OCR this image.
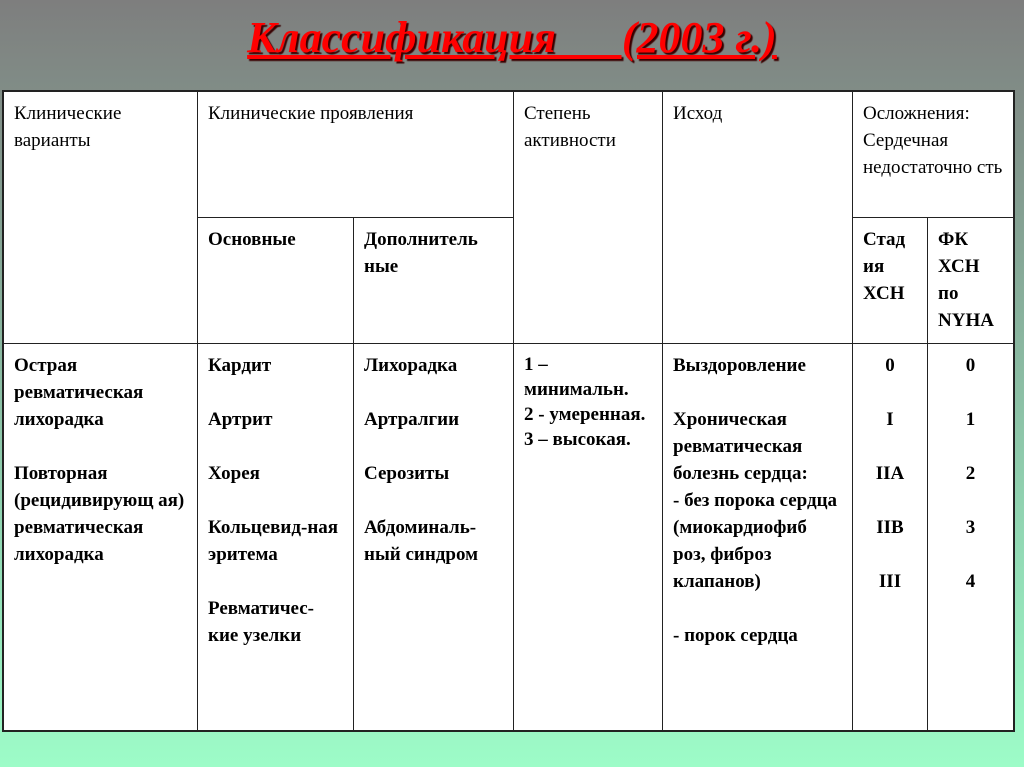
Классификация      (2003 г.)
Клинические варианты
Клинические проявления
Основные	Дополнитель ные
Степень активности
Исход	Осложнения: Сердечная недостаточно сть
Стад ия ХСН
ФК ХСН по NYHA
Острая ревматическая лихорадка

Повторная (рецидивирующ ая) ревматическая лихорадка
Кардит

Артрит

Хорея

Кольцевид-ная эритема

Ревматичес-кие узелки
Лихорадка

Артралгии

Серозиты

Абдоминаль-ный синдром
1 – минимальн.
2 - умеренная.
3 – высокая.
Выздоровление

Хроническая ревматическая болезнь сердца:
- без порока сердца (миокардиофиб роз, фиброз клапанов)

- порок сердца
0

I

IIA

IIB

III
0

1

2

3

4
